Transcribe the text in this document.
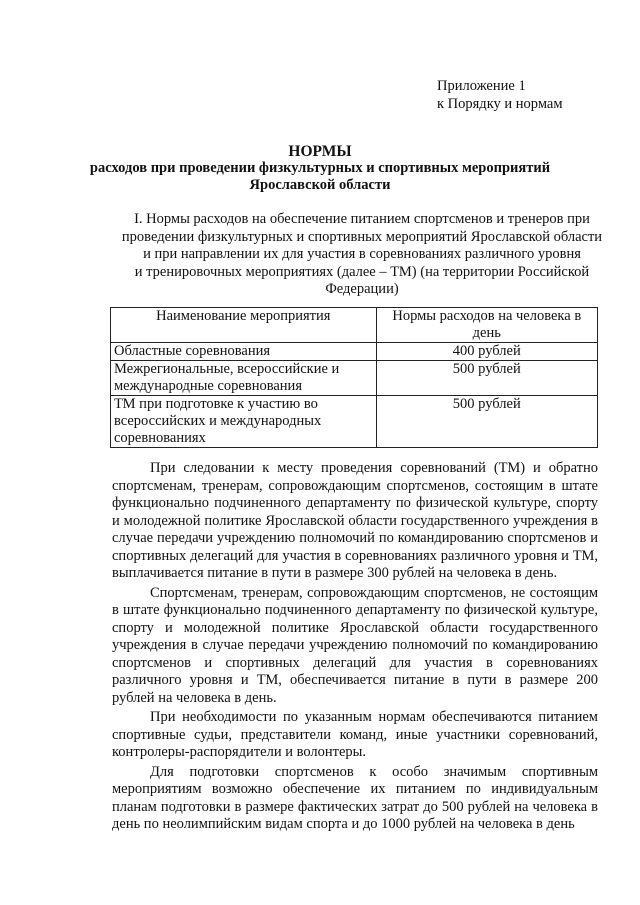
Приложение 1
к Порядку и нормам
НОРМЫ
расходов при проведении физкультурных и спортивных мероприятий
Ярославской области
I. Нормы расходов на обеспечение питанием спортсменов и тренеров при
проведении физкультурных и спортивных мероприятий Ярославской области
и при направлении их для участия в соревнованиях различного уровня
и тренировочных мероприятиях (далее – ТМ) (на территории Российской
Федерации)
Наименование мероприятия	Нормы расходов на человека в день
Областные соревнования	400 рублей
Межрегиональные, всероссийские и международные соревнования	500 рублей
ТМ при подготовке к участию во всероссийских и международных соревнованиях	500 рублей

При следовании к месту проведения соревнований (ТМ) и обратно спортсменам, тренерам, сопровождающим спортсменов, состоящим в штате функционально подчиненного департаменту по физической культуре, спорту и молодежной политике Ярославской области государственного учреждения в случае передачи учреждению полномочий по командированию спортсменов и спортивных делегаций для участия в соревнованиях различного уровня и ТМ, выплачивается питание в пути в размере 300 рублей на человека в день.

Спортсменам, тренерам, сопровождающим спортсменов, не состоящим в штате функционально подчиненного департаменту по физической культуре, спорту и молодежной политике Ярославской области государственного учреждения в случае передачи учреждению полномочий по командированию спортсменов и спортивных делегаций для участия в соревнованиях различного уровня и ТМ, обеспечивается питание в пути в размере 200 рублей на человека в день.

При необходимости по указанным нормам обеспечиваются питанием спортивные судьи, представители команд, иные участники соревнований, контролеры-распорядители и волонтеры.

Для подготовки спортсменов к особо значимым спортивным мероприятиям возможно обеспечение их питанием по индивидуальным планам подготовки в размере фактических затрат до 500 рублей на человека в день по неолимпийским видам спорта и до 1000 рублей на человека в день
